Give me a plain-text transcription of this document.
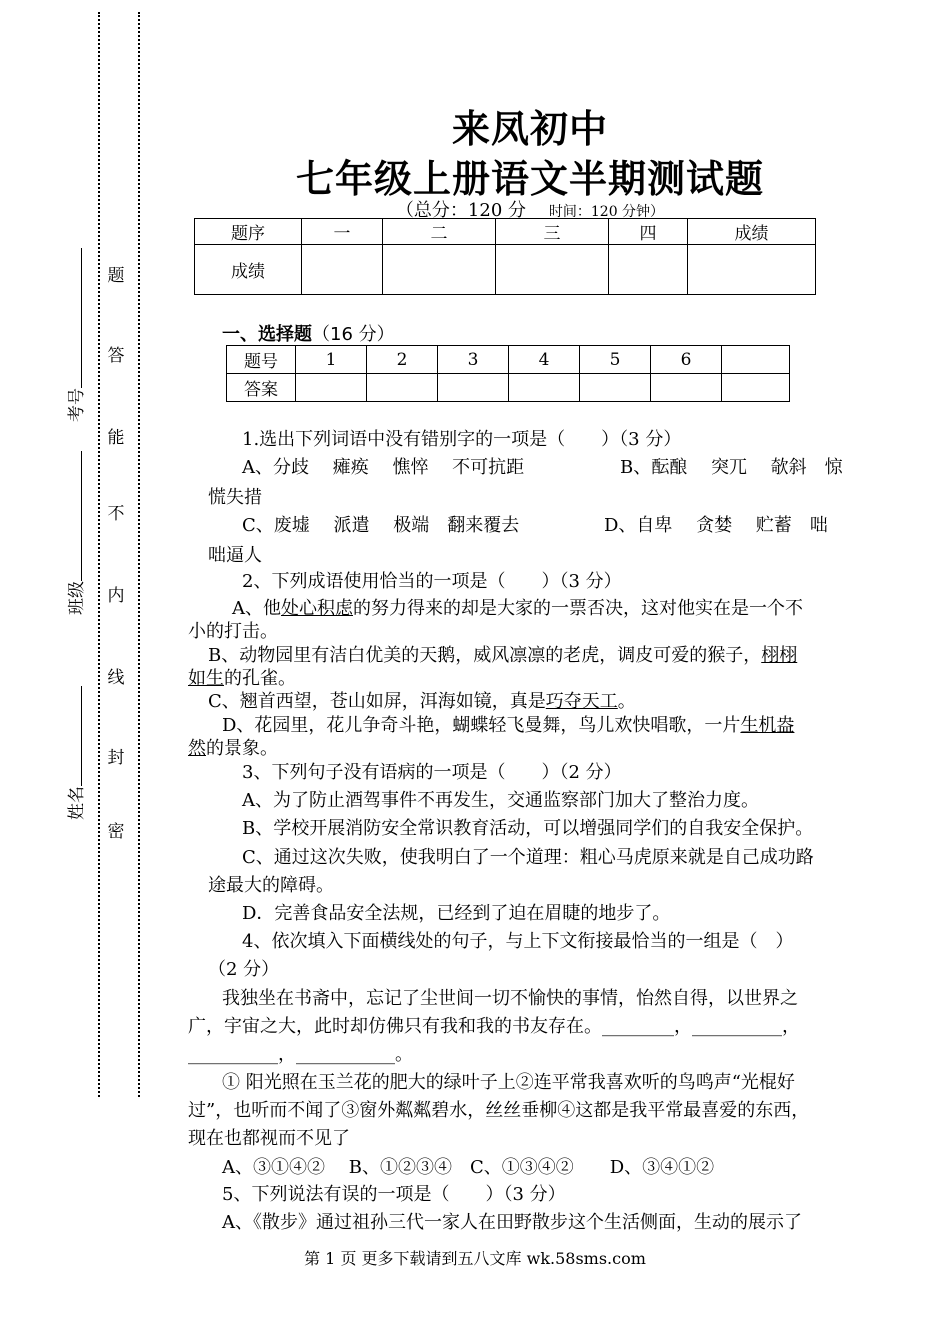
姓名
班级
考号
密
封
线
内
不
能
答
题
来凤初中
七年级上册语文半期测试题
（总分：120 分 时间：120 分钟）
题序	一	二	三	四	成绩
成绩					
一、选择题（16 分）
题号	1	2	3	4	5	6	
答案							
1.选出下列词语中没有错别字的一项是（　　）（3 分）
A、分歧　 瘫痪　 憔悴　 不可抗距	B、酝酿　 突兀　 欹斜　惊
慌失措
C、废墟　 派遣　 极端　翻来覆去	D、自卑　 贪婪　 贮蓄　咄
咄逼人
2、下列成语使用恰当的一项是（　　）（3 分）
A、他处心积虑的努力得来的却是大家的一票否决，这对他实在是一个不
小的打击。
B、动物园里有洁白优美的天鹅，威风凛凛的老虎，调皮可爱的猴子，栩栩
如生的孔雀。
C、翘首西望，苍山如屏，洱海如镜，真是巧夺天工。
D、花园里，花儿争奇斗艳，蝴蝶轻飞曼舞，鸟儿欢快唱歌，一片生机盎
然的景象。
3、下列句子没有语病的一项是（　　）（2 分）
A、为了防止酒驾事件不再发生，交通监察部门加大了整治力度。
B、学校开展消防安全常识教育活动，可以增强同学们的自我安全保护。
C、通过这次失败，使我明白了一个道理：粗心马虎原来就是自己成功路
途最大的障碍。
D．完善食品安全法规，已经到了迫在眉睫的地步了。
4、依次填入下面横线处的句子，与上下文衔接最恰当的一组是（　）
（2 分）
我独坐在书斋中，忘记了尘世间一切不愉快的事情，怡然自得，以世界之
广，宇宙之大，此时却仿佛只有我和我的书友存在。________，__________，
__________，___________。
① 阳光照在玉兰花的肥大的绿叶子上②连平常我喜欢听的鸟鸣声“光棍好
过”，也听而不闻了③窗外粼粼碧水，丝丝垂柳④这都是我平常最喜爱的东西，
现在也都视而不见了
A、③①④②　 B、①②③④　C、①③④②　　D、③④①②
5、下列说法有误的一项是（　　）（3 分）
A、《散步》通过祖孙三代一家人在田野散步这个生活侧面，生动的展示了
第 1 页 更多下载请到五八文库 wk.58sms.com
